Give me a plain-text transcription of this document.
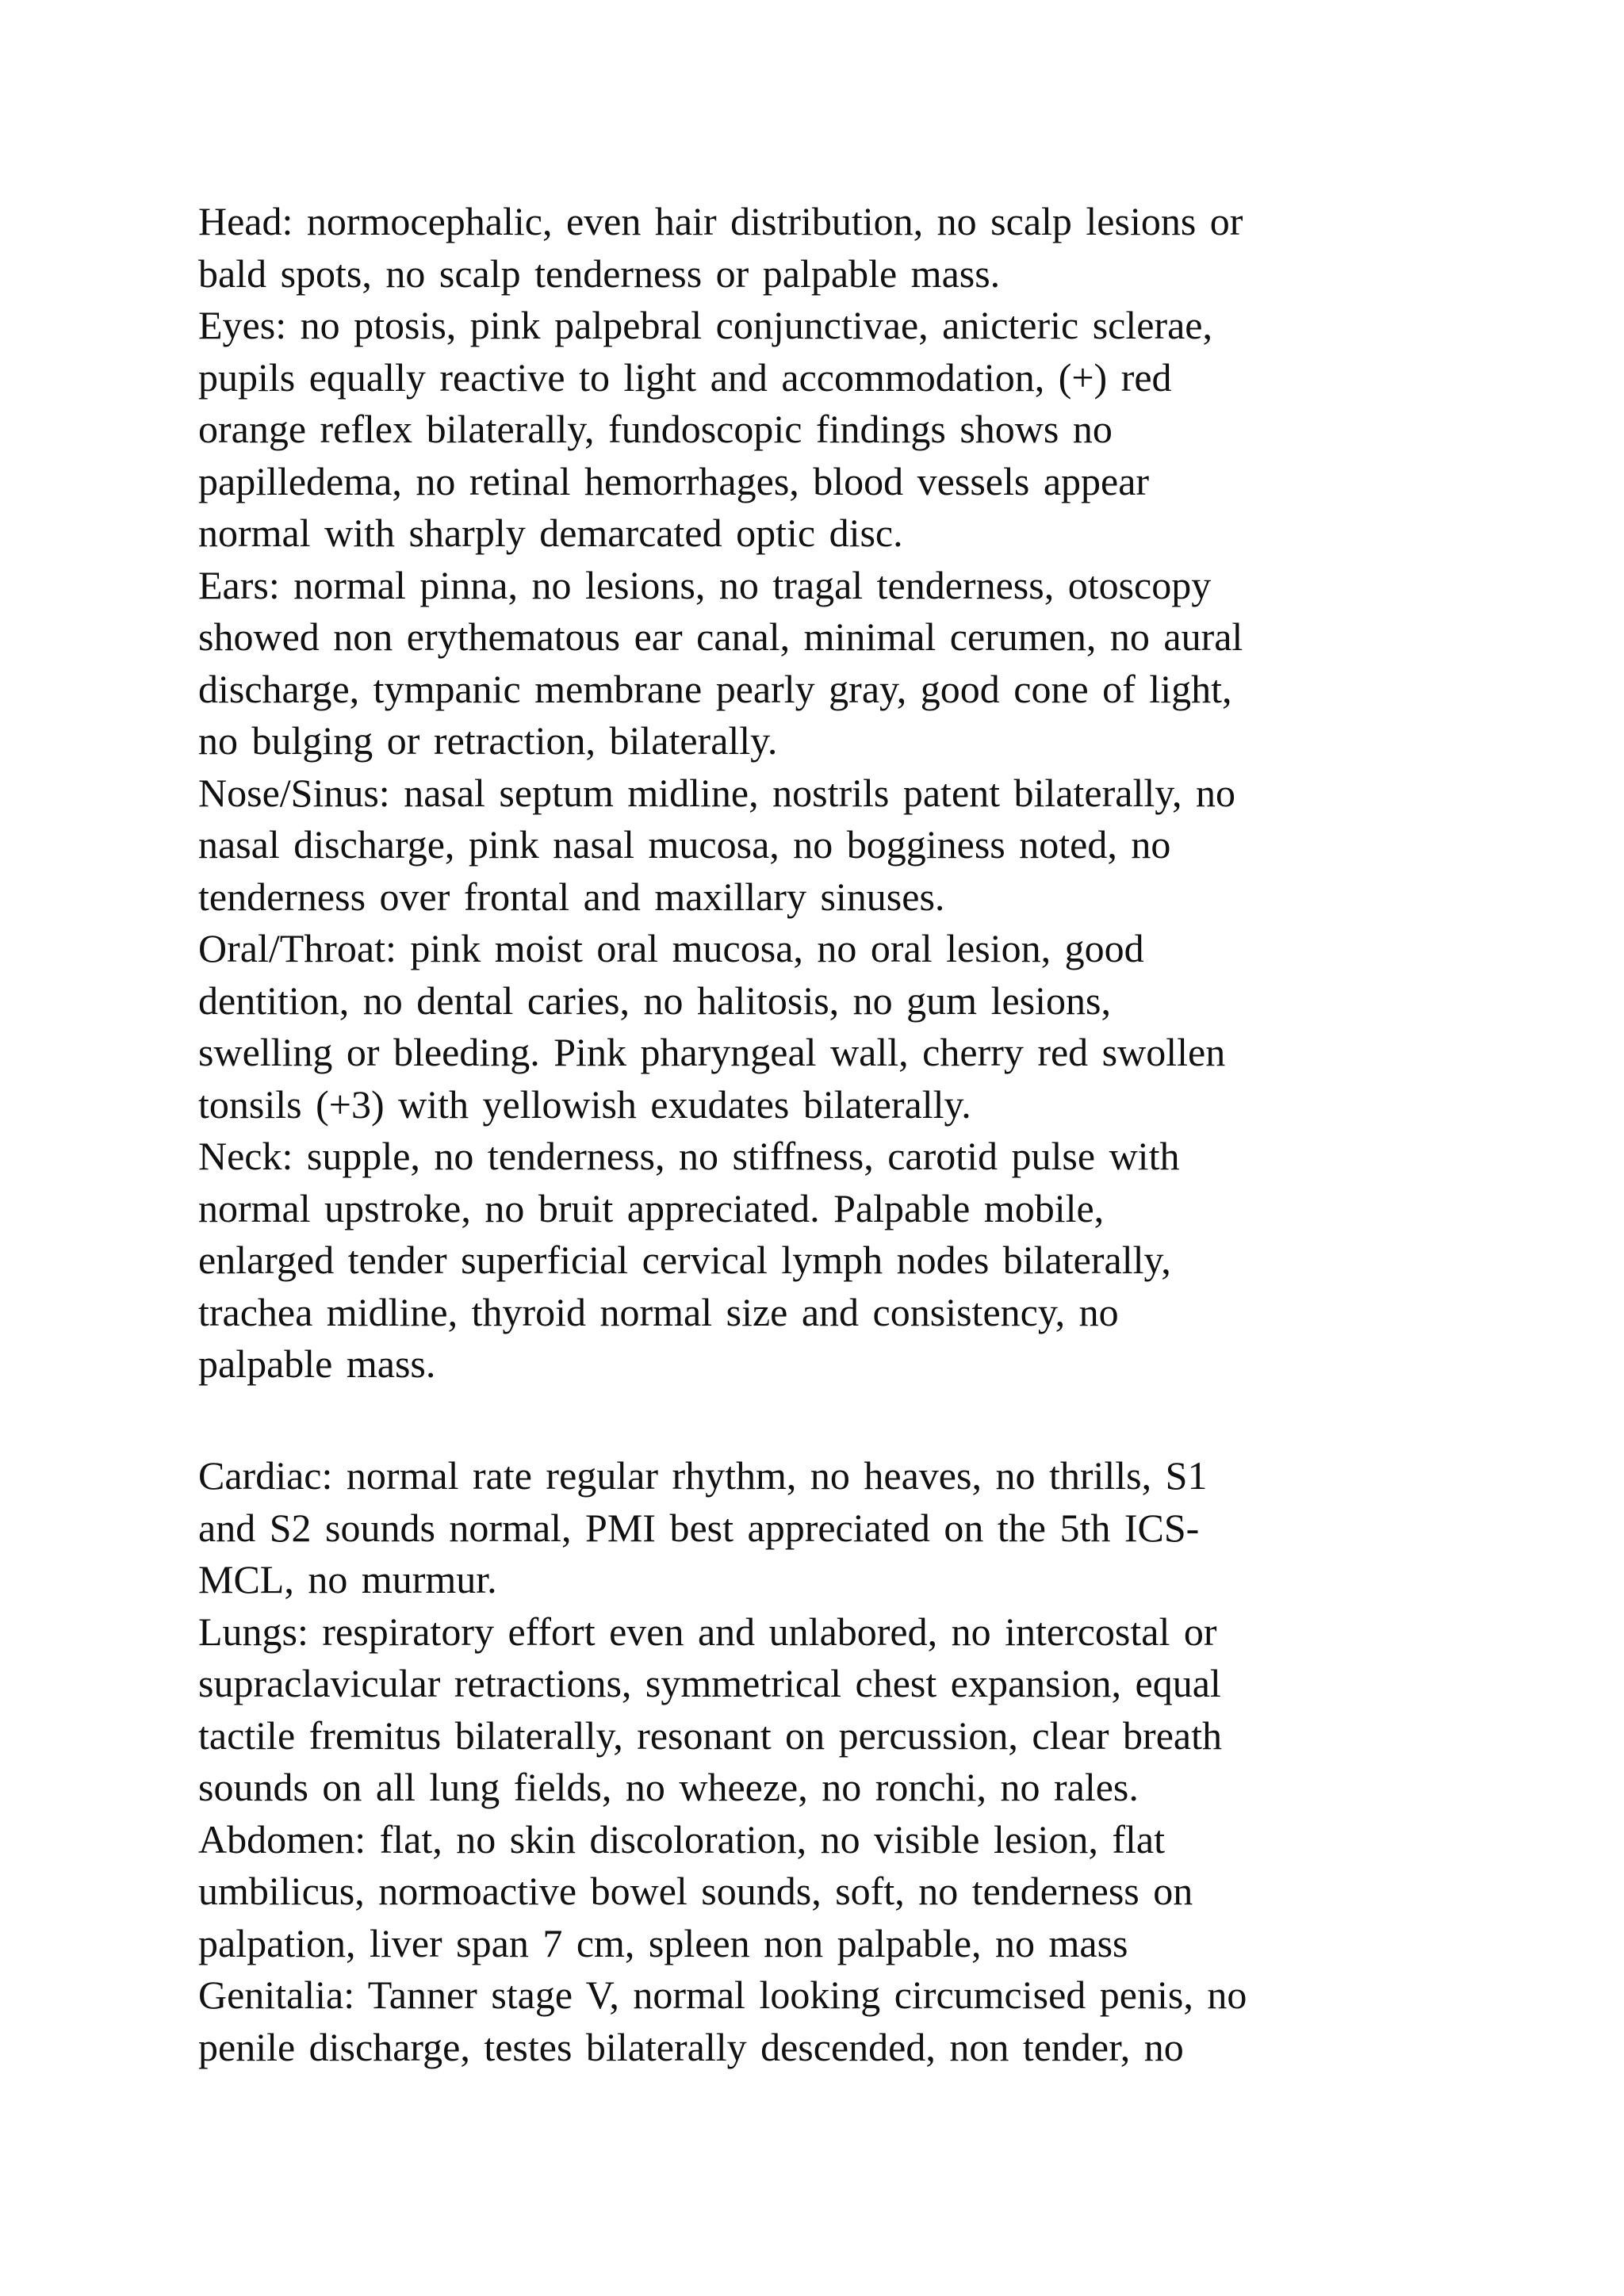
Head: normocephalic, even hair distribution, no scalp lesions or
bald spots, no scalp tenderness or palpable mass.
Eyes: no ptosis, pink palpebral conjunctivae, anicteric sclerae,
pupils equally reactive to light and accommodation, (+) red
orange reflex bilaterally, fundoscopic findings shows no
papilledema, no retinal hemorrhages, blood vessels appear
normal with sharply demarcated optic disc.
Ears: normal pinna, no lesions, no tragal tenderness, otoscopy
showed non erythematous ear canal, minimal cerumen, no aural
discharge, tympanic membrane pearly gray, good cone of light,
no bulging or retraction, bilaterally.
Nose/Sinus: nasal septum midline, nostrils patent bilaterally, no
nasal discharge, pink nasal mucosa, no bogginess noted, no
tenderness over frontal and maxillary sinuses.
Oral/Throat: pink moist oral mucosa, no oral lesion, good
dentition, no dental caries, no halitosis, no gum lesions,
swelling or bleeding. Pink pharyngeal wall, cherry red swollen
tonsils (+3) with yellowish exudates bilaterally.
Neck: supple, no tenderness, no stiffness, carotid pulse with
normal upstroke, no bruit appreciated. Palpable mobile,
enlarged tender superficial cervical lymph nodes bilaterally,
trachea midline, thyroid normal size and consistency, no
palpable mass.
Cardiac: normal rate regular rhythm, no heaves, no thrills, S1
and S2 sounds normal, PMI best appreciated on the 5th ICS-
MCL, no murmur.
Lungs: respiratory effort even and unlabored, no intercostal or
supraclavicular retractions, symmetrical chest expansion, equal
tactile fremitus bilaterally, resonant on percussion, clear breath
sounds on all lung fields, no wheeze, no ronchi, no rales.
Abdomen: flat, no skin discoloration, no visible lesion, flat
umbilicus, normoactive bowel sounds, soft, no tenderness on
palpation, liver span 7 cm, spleen non palpable, no mass
Genitalia: Tanner stage V, normal looking circumcised penis, no
penile discharge, testes bilaterally descended, non tender, no
